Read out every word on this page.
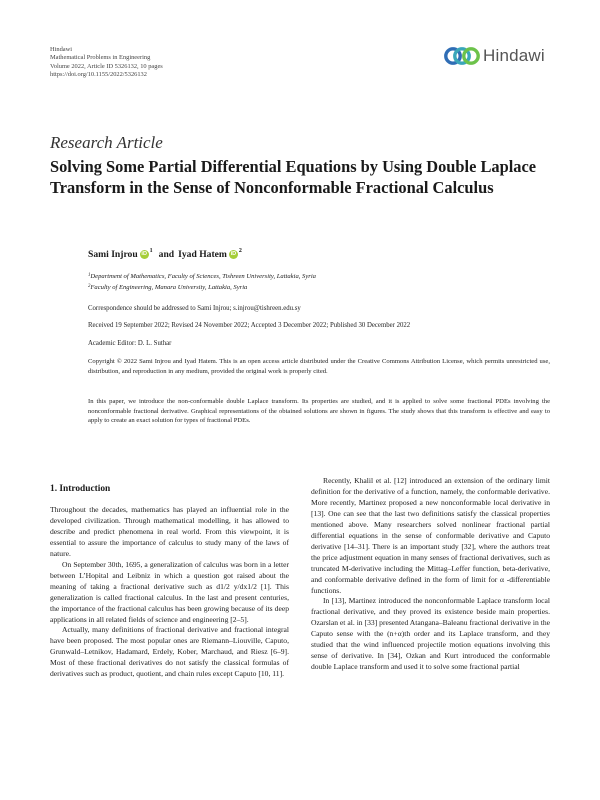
Hindawi
Mathematical Problems in Engineering
Volume 2022, Article ID 5326132, 10 pages
https://doi.org/10.1155/2022/5326132
Hindawi
Research Article
Solving Some Partial Differential Equations by Using Double Laplace Transform in the Sense of Nonconformable Fractional Calculus
Sami Injrou iD
1 and Iyad Hatem iD
2
$^1$Department of Mathematics, Faculty of Sciences, Tishreen University, Lattakia, Syria
$^2$Faculty of Engineering, Manara University, Lattakia, Syria
Correspondence should be addressed to Sami Injrou; s.injrou@tishreen.edu.sy
Received 19 September 2022; Revised 24 November 2022; Accepted 3 December 2022; Published 30 December 2022
Academic Editor: D. L. Suthar
Copyright © 2022 Sami Injrou and Iyad Hatem. This is an open access article distributed under the Creative Commons Attribution License, which permits unrestricted use, distribution, and reproduction in any medium, provided the original work is properly cited.
In this paper, we introduce the non-conformable double Laplace transform. Its properties are studied, and it is applied to solve some fractional PDEs involving the nonconformable fractional derivative. Graphical representations of the obtained solutions are shown in figures. The study shows that this transform is effective and easy to apply to create an exact solution for types of fractional PDEs.
1. Introduction

Throughout the decades, mathematics has played an influential role in the developed civilization. Through mathematical modelling, it has allowed to describe and predict phenomena in real world. From this viewpoint, it is essential to assure the importance of calculus to study many of the laws of nature.

On September 30th, 1695, a generalization of calculus was born in a letter between L’Hopital and Leibniz in which a question got raised about the meaning of taking a fractional derivative such as d1/2 y/dx1/2 [1]. This generalization is called fractional calculus. In the last and present centuries, the importance of the fractional calculus has been growing because of its deep applications in all related fields of science and engineering [2–5].

Actually, many definitions of fractional derivative and fractional integral have been proposed. The most popular ones are Riemann–Liouville, Caputo, Grunwald–Letnikov, Hadamard, Erdely, Kober, Marchaud, and Riesz [6–9]. Most of these fractional derivatives do not satisfy the classical formulas of derivatives such as product, quotient, and chain rules except Caputo [10, 11].

Recently, Khalil et al. [12] introduced an extension of the ordinary limit definition for the derivative of a function, namely, the conformable derivative. More recently, Martinez proposed a new nonconformable local derivative in [13]. One can see that the last two definitions satisfy the classical properties mentioned above. Many researchers solved nonlinear fractional partial differential equations in the sense of conformable derivative and Caputo derivative [14–31]. There is an important study [32], where the authors treat the price adjustment equation in many senses of fractional derivatives, such as truncated M-derivative including the Mittag–Leffer function, beta-derivative, and conformable derivative defined in the form of limit for α -differentiable functions.

In [13], Martinez introduced the nonconformable Laplace transform local fractional derivative, and they proved its existence beside main properties. Ozarslan et al. in [33] presented Atangana–Baleanu fractional derivative in the Caputo sense with the (n+α)th order and its Laplace transform, and they studied that the wind influenced projectile motion equations involving this sense of derivative. In [34], Ozkan and Kurt introduced the conformable double Laplace transform and used it to solve some fractional partial
